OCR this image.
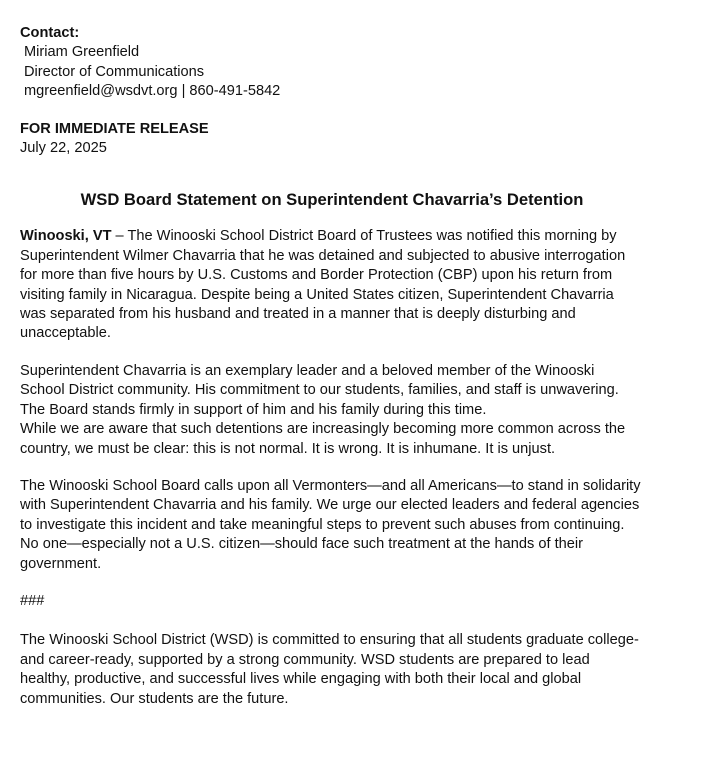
Contact:
Miriam Greenfield
Director of Communications
mgreenfield@wsdvt.org | 860-491-5842
FOR IMMEDIATE RELEASE
July 22, 2025
WSD Board Statement on Superintendent Chavarria’s Detention

Winooski, VT – The Winooski School District Board of Trustees was notified this morning by
Superintendent Wilmer Chavarria that he was detained and subjected to abusive interrogation
for more than five hours by U.S. Customs and Border Protection (CBP) upon his return from
visiting family in Nicaragua. Despite being a United States citizen, Superintendent Chavarria
was separated from his husband and treated in a manner that is deeply disturbing and
unacceptable.

Superintendent Chavarria is an exemplary leader and a beloved member of the Winooski
School District community. His commitment to our students, families, and staff is unwavering.
The Board stands firmly in support of him and his family during this time.
While we are aware that such detentions are increasingly becoming more common across the
country, we must be clear: this is not normal. It is wrong. It is inhumane. It is unjust.

The Winooski School Board calls upon all Vermonters—and all Americans—to stand in solidarity
with Superintendent Chavarria and his family. We urge our elected leaders and federal agencies
to investigate this incident and take meaningful steps to prevent such abuses from continuing.
No one—especially not a U.S. citizen—should face such treatment at the hands of their
government.

###

The Winooski School District (WSD) is committed to ensuring that all students graduate college-
and career-ready, supported by a strong community. WSD students are prepared to lead
healthy, productive, and successful lives while engaging with both their local and global
communities. Our students are the future.
